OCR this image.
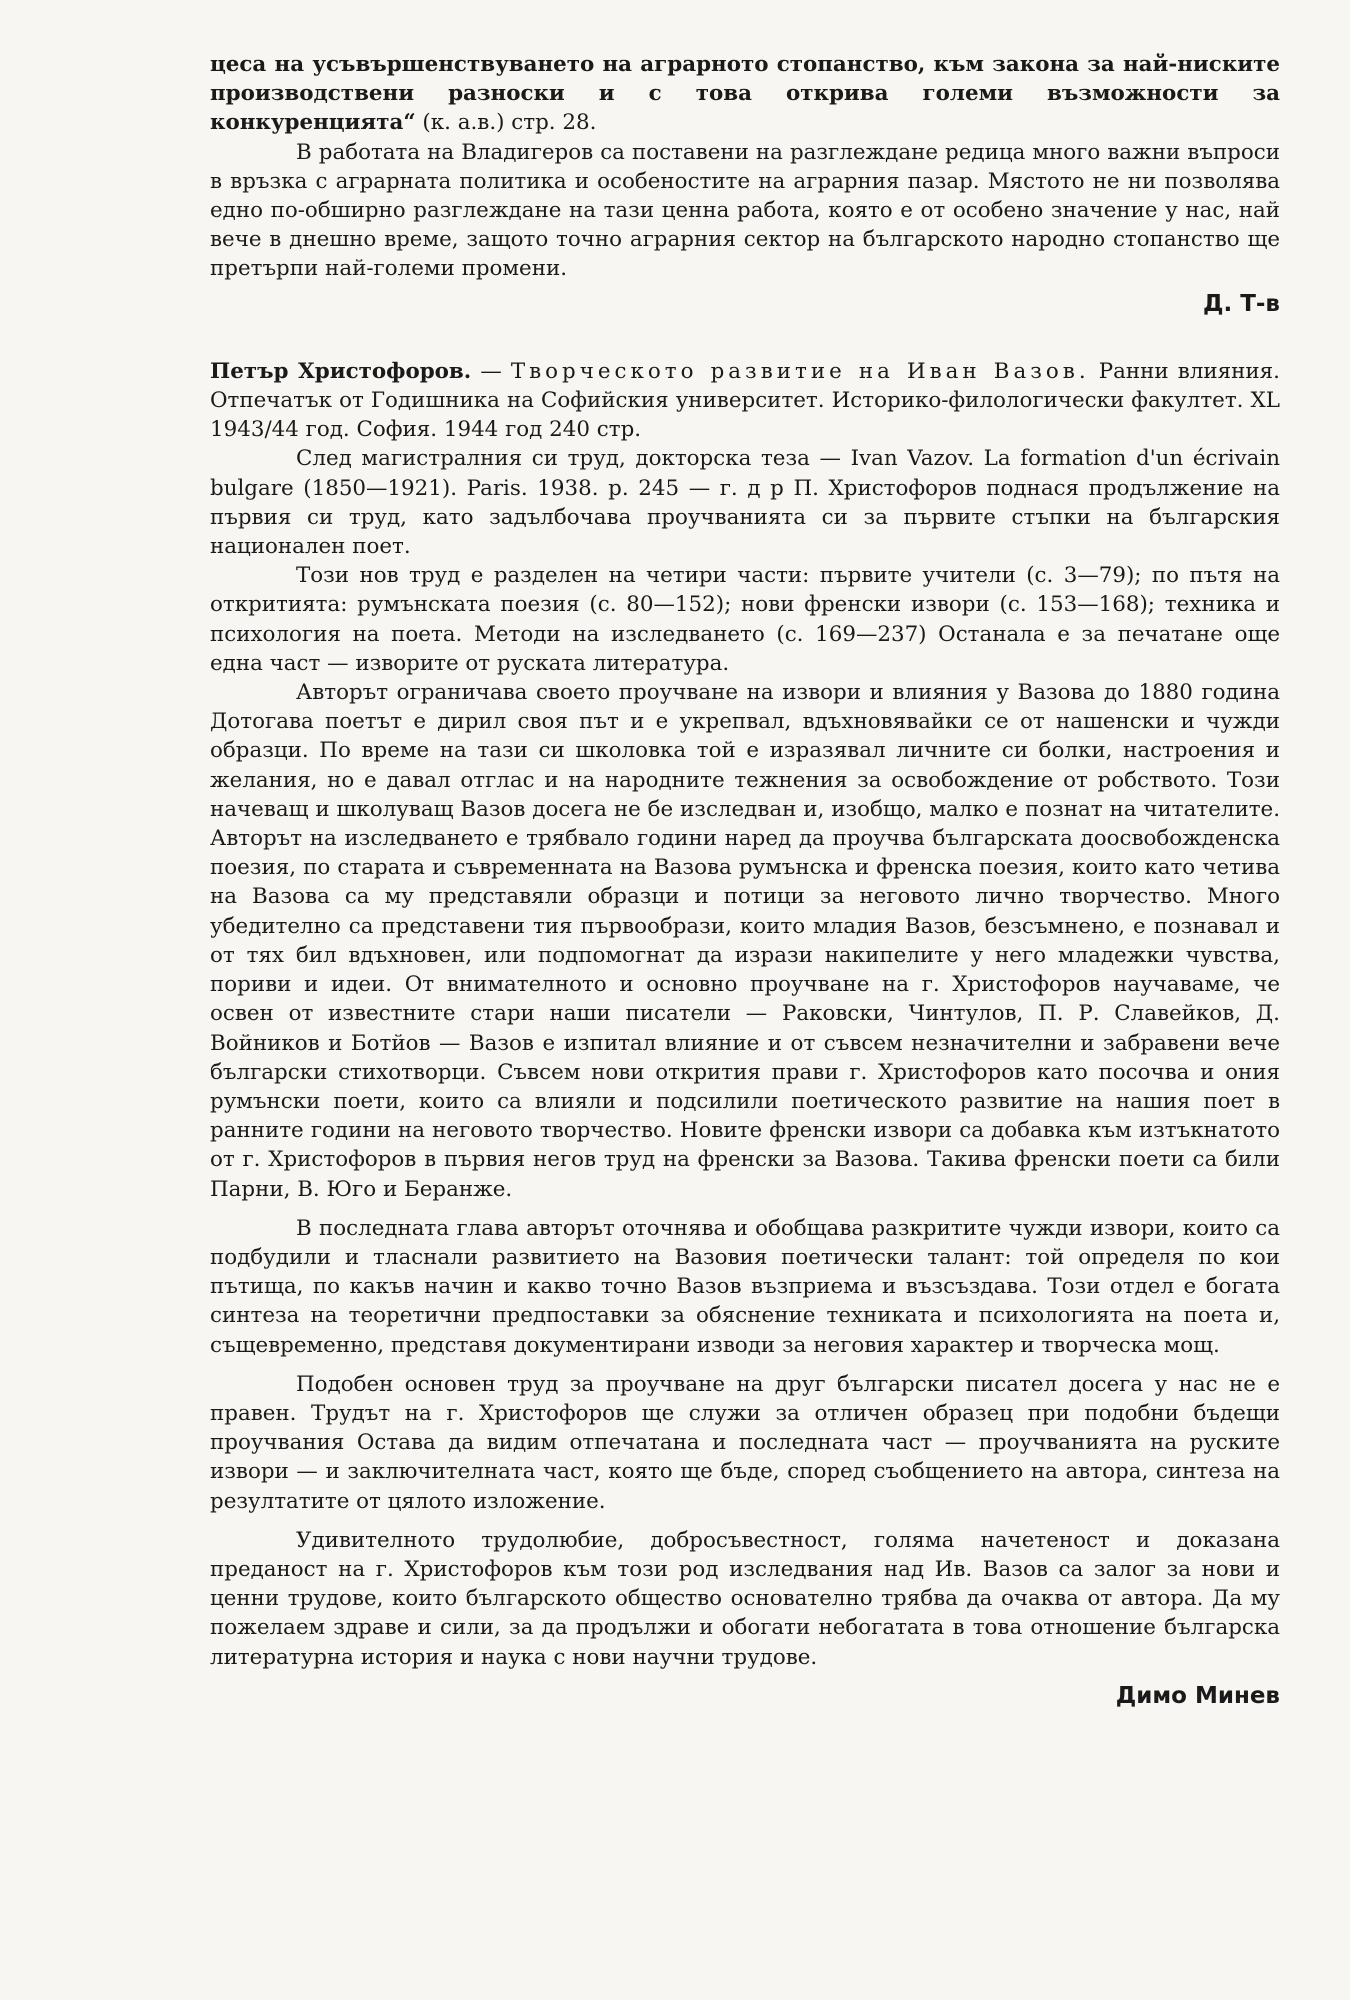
цеса на усъвършенствуването на аграрното стопанство, към закона за най-ниските производствени разноски и с това открива големи възможности за конкуренцията“ (к. а.в.) стр. 28.

В работата на Владигеров са поставени на разглеждане редица много важни въпроси в връзка с аграрната политика и особеностите на аграрния пазар. Мястото не ни позволява едно по-обширно разглеждане на тази ценна работа, която е от особено значение у нас, най вече в днешно време, защото точно аграрния сектор на българското народно стопанство ще претърпи най-големи промени.

Д. Т-в

Петър Христофоров. — Творческото развитие на Иван Вазов. Ранни влияния. Отпечатък от Годишника на Софийския университет. Историко-филологически факултет. XL 1943/44 год. София. 1944 год 240 стр.

След магистралния си труд, докторска теза — Ivan Vazov. La formation d'un écrivain bulgare (1850—1921). Paris. 1938. p. 245 — г. д р П. Христофоров поднася продължение на първия си труд, като задълбочава проучванията си за първите стъпки на българския национален поет.

Този нов труд е разделен на четири части: първите учители (с. 3—79); по пътя на откритията: румънската поезия (с. 80—152); нови френски извори (с. 153—168); техника и психология на поета. Методи на изследването (с. 169—237) Останала е за печатане още една част — изворите от руската литература.

Авторът ограничава своето проучване на извори и влияния у Вазова до 1880 година Дотогава поетът е дирил своя път и е укрепвал, вдъхновявайки се от нашенски и чужди образци. По време на тази си школовка той е изразявал личните си болки, настроения и желания, но е давал отглас и на народните тежнения за освобождение от робството. Този начеващ и школуващ Вазов досега не бе изследван и, изобщо, малко е познат на читателите. Авторът на изследването е трябвало години наред да проучва българската доосвобожденска поезия, по старата и съвременната на Вазова румънска и френска поезия, които като четива на Вазова са му представяли образци и потици за неговото лично творчество. Много убедително са представени тия първообрази, които младия Вазов, безсъмнено, е познавал и от тях бил вдъхновен, или подпомогнат да изрази накипелите у него младежки чувства, пориви и идеи. От внимателното и основно проучване на г. Христофоров научаваме, че освен от известните стари наши писатели — Раковски, Чинтулов, П. Р. Славейков, Д. Войников и Ботйов — Вазов е изпитал влияние и от съвсем незначителни и забравени вече български стихотворци. Съвсем нови открития прави г. Христофоров като посочва и ония румънски поети, които са влияли и подсилили поетическото развитие на нашия поет в ранните години на неговото творчество. Новите френски извори са добавка към изтъкнатото от г. Христофоров в първия негов труд на френски за Вазова. Такива френски поети са били Парни, В. Юго и Беранже.

В последната глава авторът оточнява и обобщава разкритите чужди извори, които са подбудили и тласнали развитието на Вазовия поетически талант: той определя по кои пътища, по какъв начин и какво точно Вазов възприема и възсъздава. Този отдел е богата синтеза на теоретични предпоставки за обяснение техниката и психологията на поета и, същевременно, представя документирани изводи за неговия характер и творческа мощ.

Подобен основен труд за проучване на друг български писател досега у нас не е правен. Трудът на г. Христофоров ще служи за отличен образец при подобни бъдещи проучвания Остава да видим отпечатана и последната част — проучванията на руските извори — и заключителната част, която ще бъде, според съобщението на автора, синтеза на резултатите от цялото изложение.

Удивителното трудолюбие, добросъвестност, голяма начетеност и доказана преданост на г. Христофоров към този род изследвания над Ив. Вазов са залог за нови и ценни трудове, които българското общество основателно трябва да очаква от автора. Да му пожелаем здраве и сили, за да продължи и обогати небогатата в това отношение българска литературна история и наука с нови научни трудове.

Димо Минев
